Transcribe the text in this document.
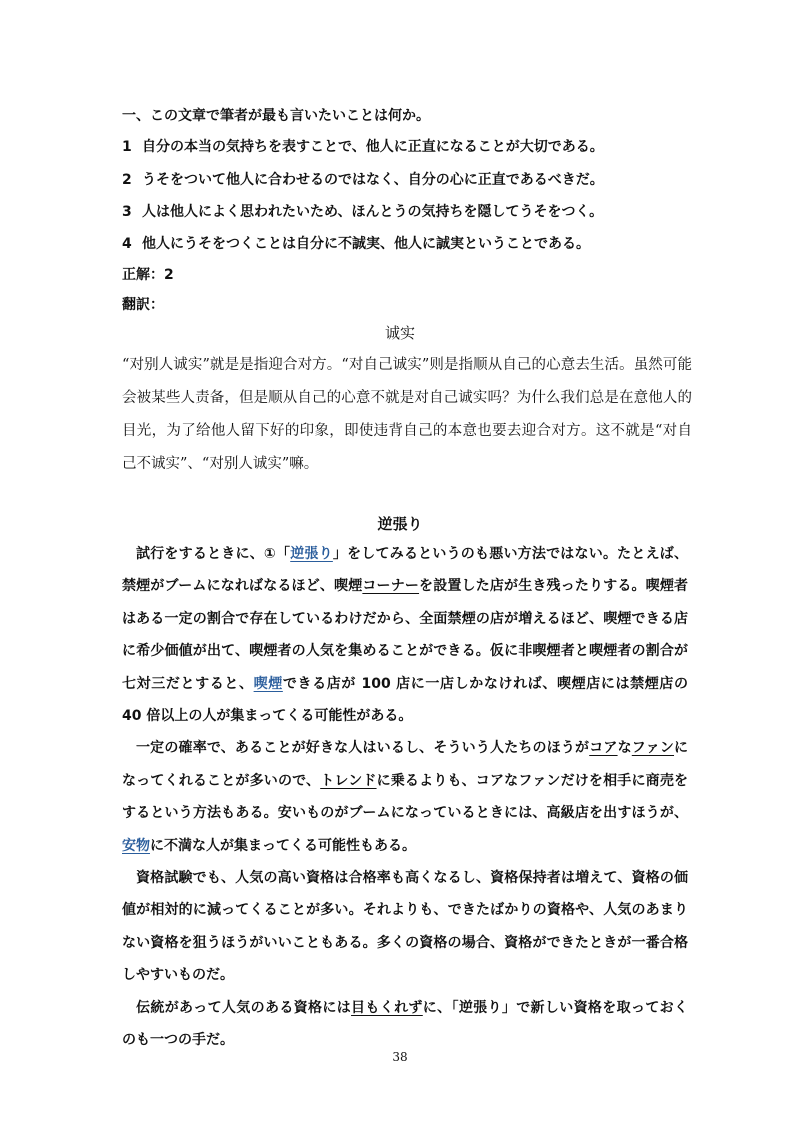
一、この文章で筆者が最も言いたいことは何か。
1 自分の本当の気持ちを表すことで、他人に正直になることが大切である。
2 うそをついて他人に合わせるのではなく、自分の心に正直であるべきだ。
3 人は他人によく思われたいため、ほんとうの気持ちを隠してうそをつく。
4 他人にうそをつくことは自分に不誠実、他人に誠実ということである。
正解：2
翻訳：
诚实
“对别人诚实”就是是指迎合对方。“对自己诚实”则是指顺从自己的心意去生活。虽然可能会被某些人责备，但是顺从自己的心意不就是对自己诚实吗？为什么我们总是在意他人的目光，为了给他人留下好的印象，即使违背自己的本意也要去迎合对方。这不就是“对自己不诚实”、“对别人诚实”嘛。
逆張り

試行をするときに、①「逆張り」をしてみるというのも悪い方法ではない。たとえば、禁煙がブームになればなるほど、喫煙コーナーを設置した店が生き残ったりする。喫煙者はある一定の割合で存在しているわけだから、全面禁煙の店が増えるほど、喫煙できる店に希少価値が出て、喫煙者の人気を集めることができる。仮に非喫煙者と喫煙者の割合が七対三だとすると、喫煙できる店が 100 店に一店しかなければ、喫煙店には禁煙店の 40 倍以上の人が集まってくる可能性がある。

一定の確率で、あることが好きな人はいるし、そういう人たちのほうがコアなファンになってくれることが多いので、トレンドに乗るよりも、コアなファンだけを相手に商売をするという方法もある。安いものがブームになっているときには、高級店を出すほうが、安物に不満な人が集まってくる可能性もある。

資格試験でも、人気の高い資格は合格率も高くなるし、資格保持者は増えて、資格の価値が相対的に減ってくることが多い。それよりも、できたばかりの資格や、人気のあまりない資格を狙うほうがいいこともある。多くの資格の場合、資格ができたときが一番合格しやすいものだ。

伝統があって人気のある資格には目もくれずに、「逆張り」で新しい資格を取っておくのも一つの手だ。

38
